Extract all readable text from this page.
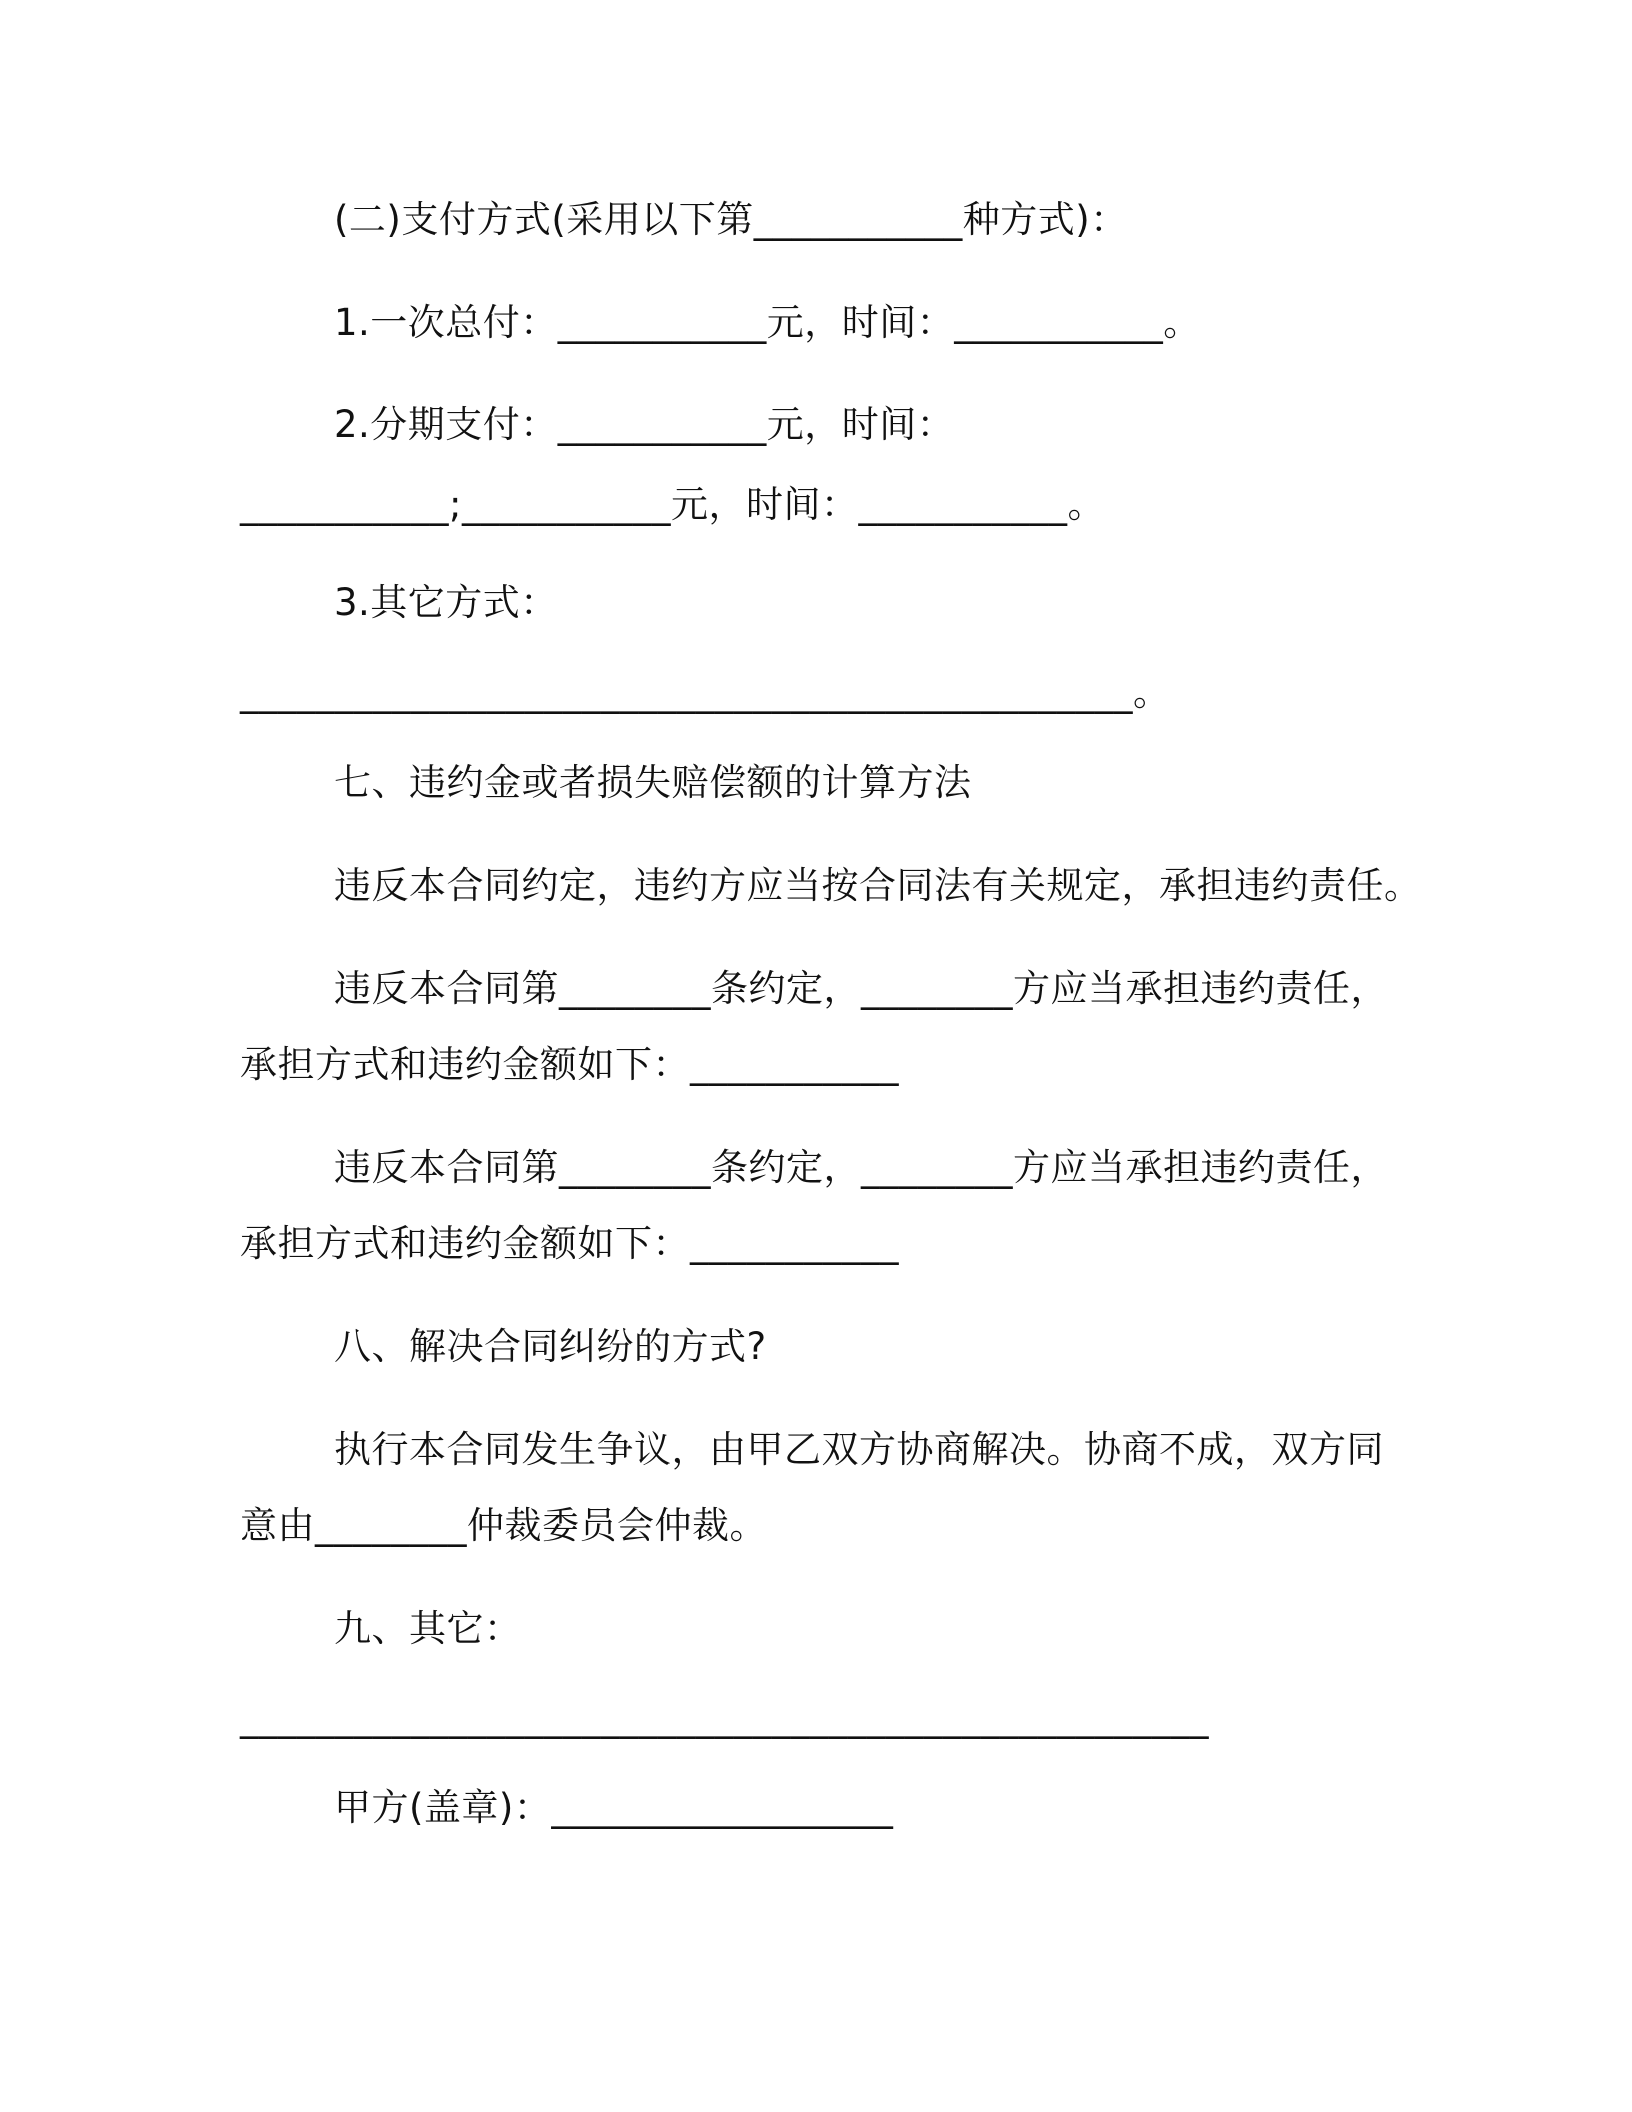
(二)支付方式(采用以下第___________种方式)：
1.一次总付：___________元，时间：___________。
2.分期支付：___________元，时间：
___________;___________元，时间：___________。
3.其它方式：
_______________________________________________。
七、违约金或者损失赔偿额的计算方法
违反本合同约定，违约方应当按合同法有关规定，承担违约责任。
违反本合同第________条约定，________方应当承担违约责任，
承担方式和违约金额如下：___________
违反本合同第________条约定，________方应当承担违约责任，
承担方式和违约金额如下：___________
八、解决合同纠纷的方式?
执行本合同发生争议，由甲乙双方协商解决。协商不成，双方同
意由________仲裁委员会仲裁。
九、其它：
___________________________________________________
甲方(盖章)：__________________
